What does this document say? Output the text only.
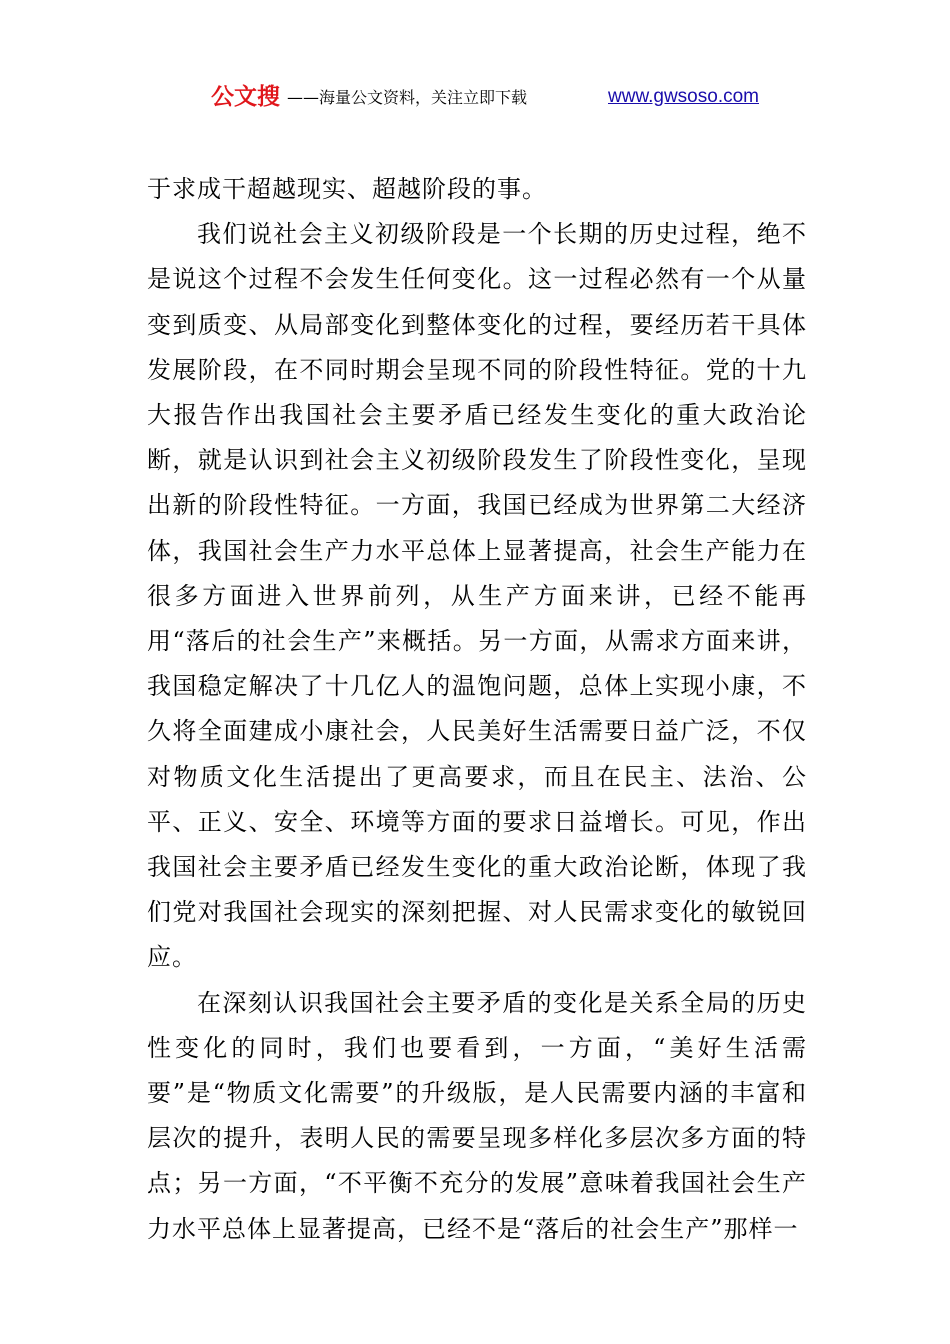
公文搜 ——海量公文资料，关注立即下载	www.gwsoso.com

于求成干超越现实、超越阶段的事。

我们说社会主义初级阶段是一个长期的历史过程，绝不是说这个过程不会发生任何变化。这一过程必然有一个从量变到质变、从局部变化到整体变化的过程，要经历若干具体发展阶段，在不同时期会呈现不同的阶段性特征。党的十九大报告作出我国社会主要矛盾已经发生变化的重大政治论断，就是认识到社会主义初级阶段发生了阶段性变化，呈现出新的阶段性特征。一方面，我国已经成为世界第二大经济体，我国社会生产力水平总体上显著提高，社会生产能力在很多方面进入世界前列，从生产方面来讲，已经不能再用“落后的社会生产”来概括。另一方面，从需求方面来讲，我国稳定解决了十几亿人的温饱问题，总体上实现小康，不久将全面建成小康社会，人民美好生活需要日益广泛，不仅对物质文化生活提出了更高要求，而且在民主、法治、公平、正义、安全、环境等方面的要求日益增长。可见，作出我国社会主要矛盾已经发生变化的重大政治论断，体现了我们党对我国社会现实的深刻把握、对人民需求变化的敏锐回应。

在深刻认识我国社会主要矛盾的变化是关系全局的历史性变化的同时，我们也要看到，一方面，“美好生活需要”是“物质文化需要”的升级版，是人民需要内涵的丰富和层次的提升，表明人民的需要呈现多样化多层次多方面的特点；另一方面，“不平衡不充分的发展”意味着我国社会生产力水平总体上显著提高，已经不是“落后的社会生产”那样一
